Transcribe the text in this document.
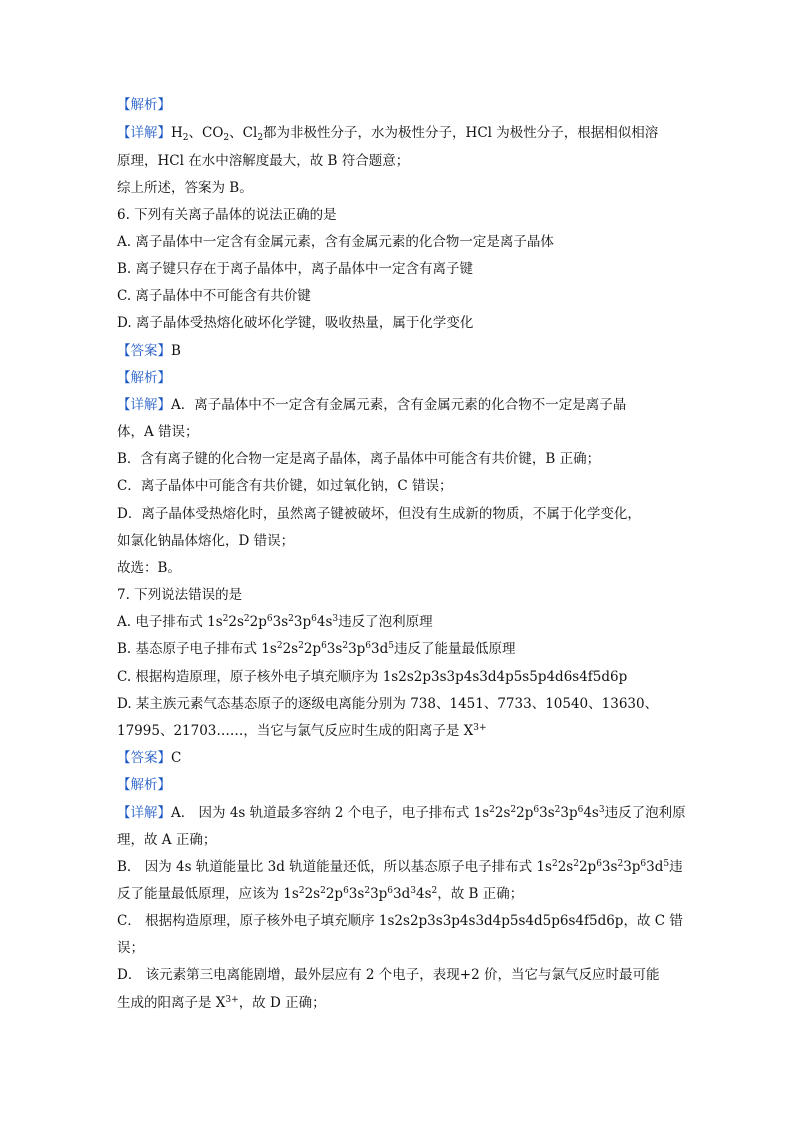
【解析】
【详解】$H_2$、$CO_2$、$Cl_2$都为非极性分子，水为极性分子，HCl 为极性分子，根据相似相溶
原理，HCl 在水中溶解度最大，故 B 符合题意；
综上所述，答案为 B。
6. 下列有关离子晶体的说法正确的是
A. 离子晶体中一定含有金属元素，含有金属元素的化合物一定是离子晶体
B. 离子键只存在于离子晶体中，离子晶体中一定含有离子键
C. 离子晶体中不可能含有共价键
D. 离子晶体受热熔化破坏化学键，吸收热量，属于化学变化
【答案】B
【解析】
【详解】A．离子晶体中不一定含有金属元素，含有金属元素的化合物不一定是离子晶
体，A 错误；
B．含有离子键的化合物一定是离子晶体，离子晶体中可能含有共价键，B 正确；
C．离子晶体中可能含有共价键，如过氧化钠，C 错误；
D．离子晶体受热熔化时，虽然离子键被破坏，但没有生成新的物质，不属于化学变化，
如氯化钠晶体熔化，D 错误；
故选：B。
7. 下列说法错误的是
A. 电子排布式 $1s^22s^22p^63s^23p^64s^3$违反了泡利原理
B. 基态原子电子排布式 $1s^22s^22p^63s^23p^63d^5$违反了能量最低原理
C. 根据构造原理，原子核外电子填充顺序为 1s2s2p3s3p4s3d4p5s5p4d6s4f5d6p
D. 某主族元素气态基态原子的逐级电离能分别为 738、1451、7733、10540、13630、
17995、21703……，当它与氯气反应时生成的阳离子是 $X^{3+}$
【答案】C
【解析】
【详解】A． 因为 4s 轨道最多容纳 2 个电子，电子排布式 $1s^22s^22p^63s^23p^64s^3$违反了泡利原
理，故 A 正确；
B． 因为 4s 轨道能量比 3d 轨道能量还低，所以基态原子电子排布式 $1s^22s^22p^63s^23p^63d^5$违
反了能量最低原理，应该为 $1s^22s^22p^63s^23p^63d^34s^2$，故 B 正确；
C． 根据构造原理，原子核外电子填充顺序 1s2s2p3s3p4s3d4p5s4d5p6s4f5d6p，故 C 错
误；
D． 该元素第三电离能剧增，最外层应有 2 个电子，表现+2 价，当它与氯气反应时最可能
生成的阳离子是 $X^{3+}$，故 D 正确；
